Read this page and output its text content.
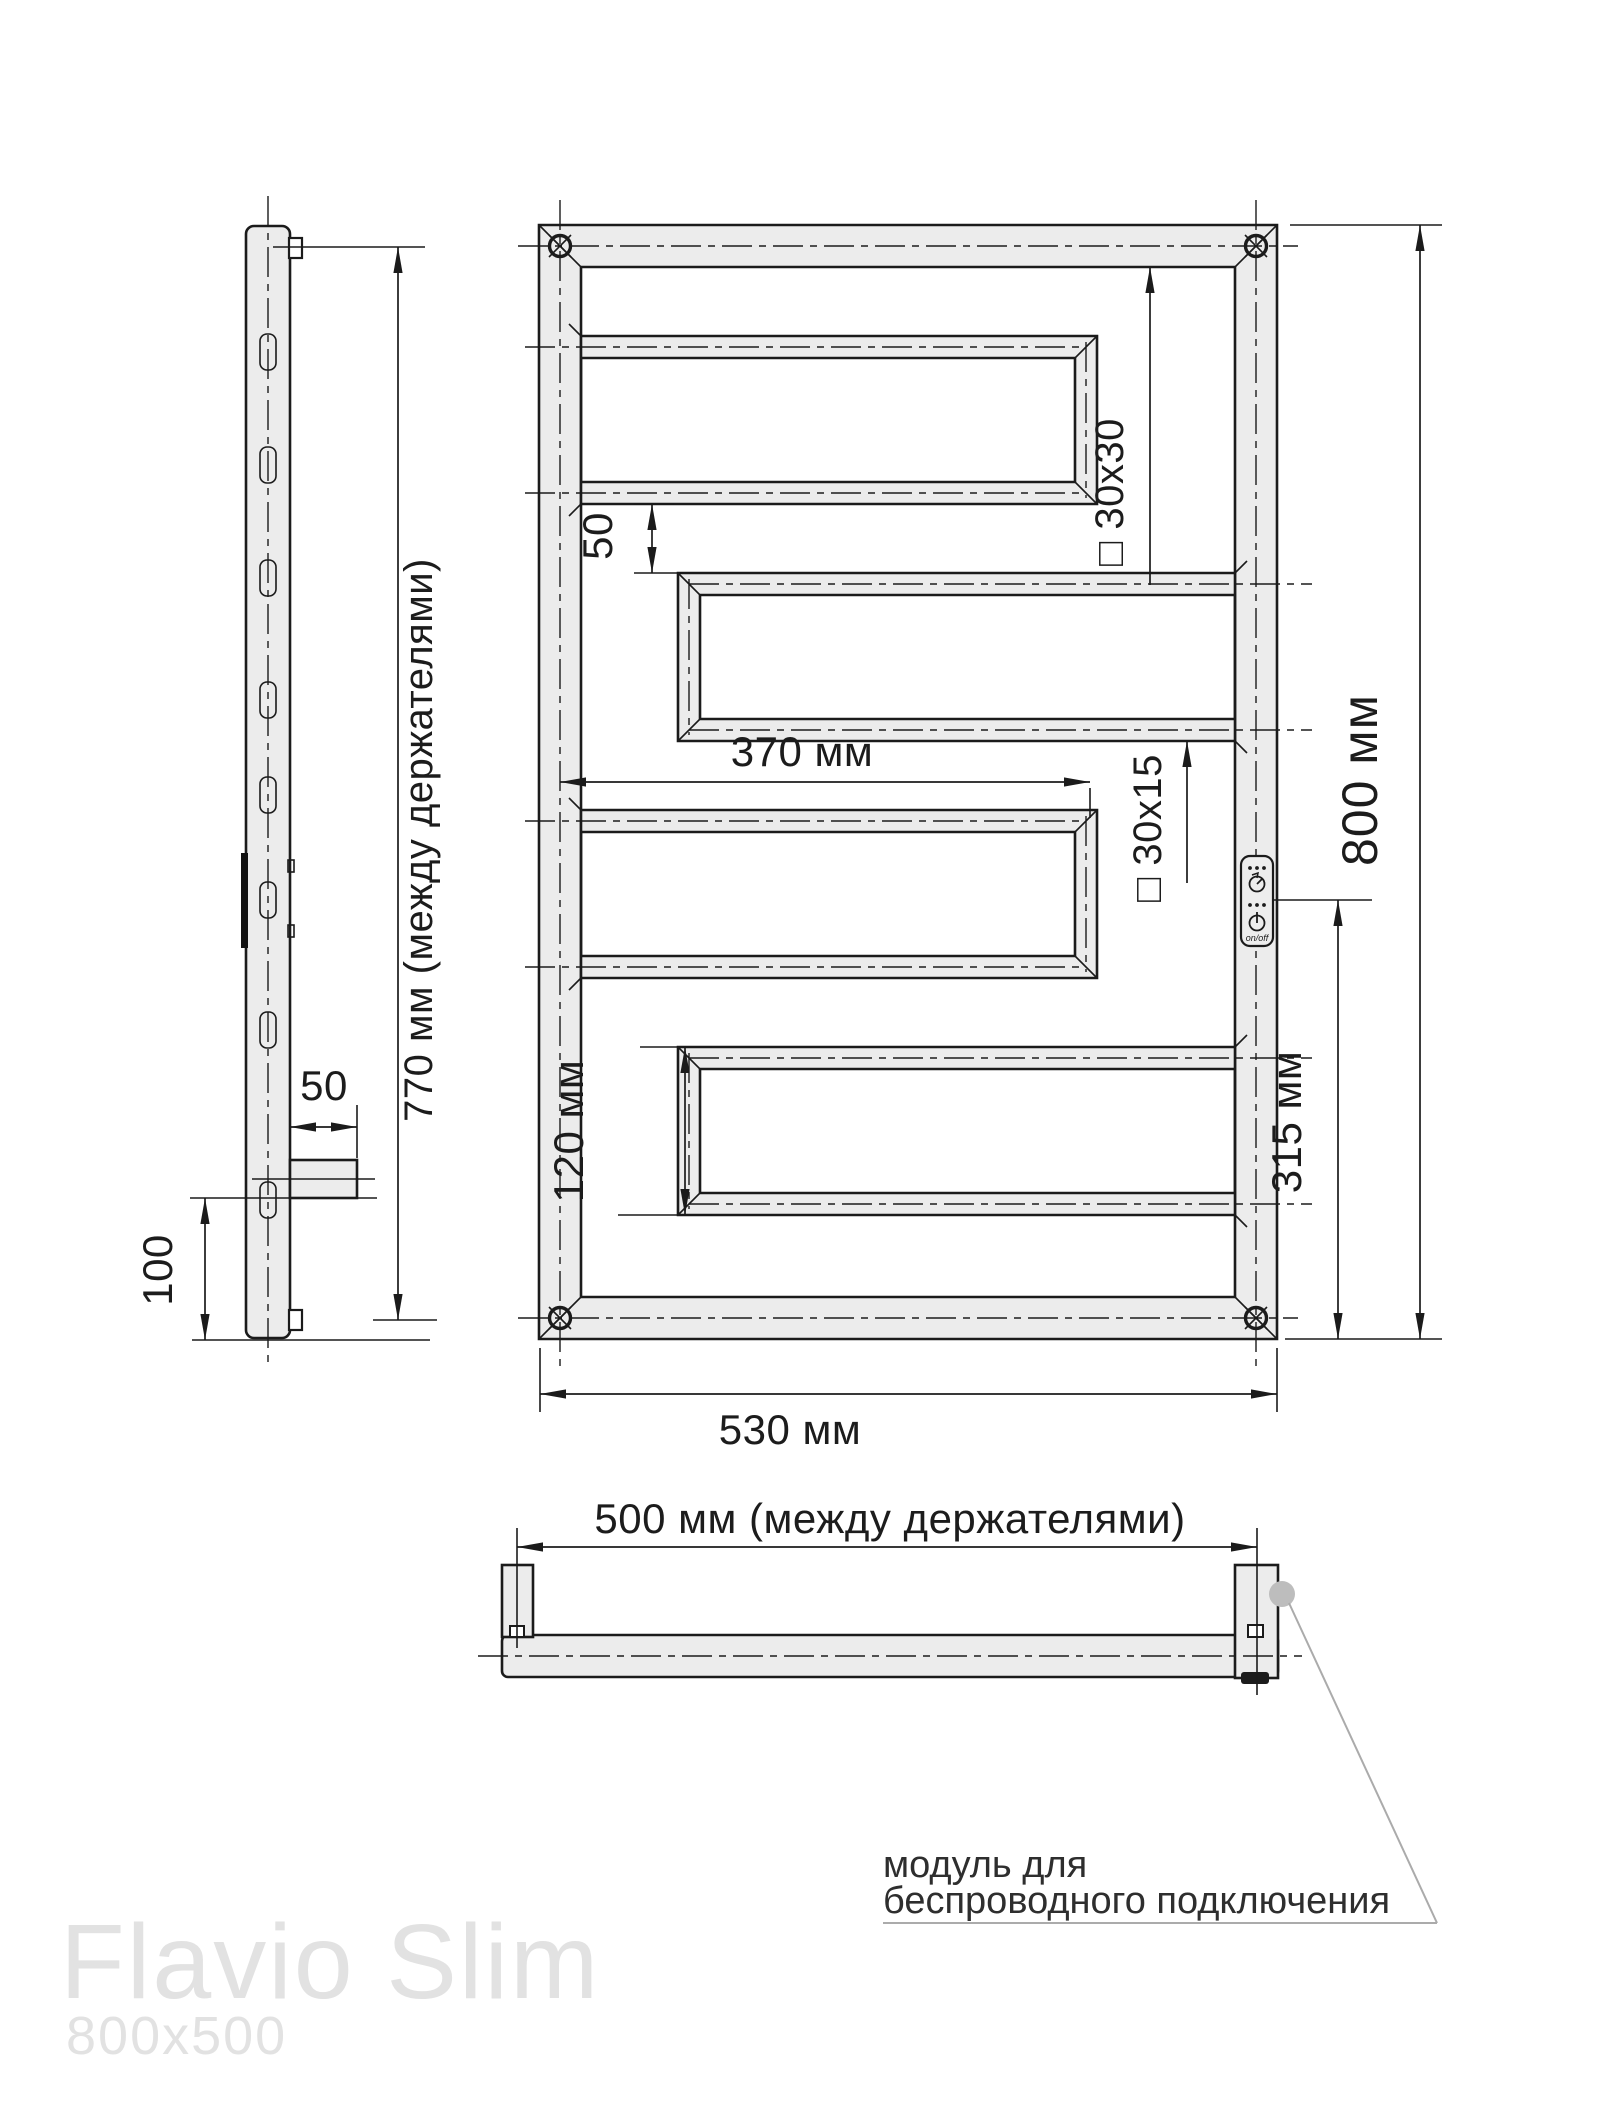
770 мм (между держателями)
50
100
on/off
50
370 мм
120 мм
□ 30x30
□ 30x15
315 мм
800 мм
530 мм
500 мм (между держателями)
модуль для
беспроводного подключения
Flavio Slim
800x500
